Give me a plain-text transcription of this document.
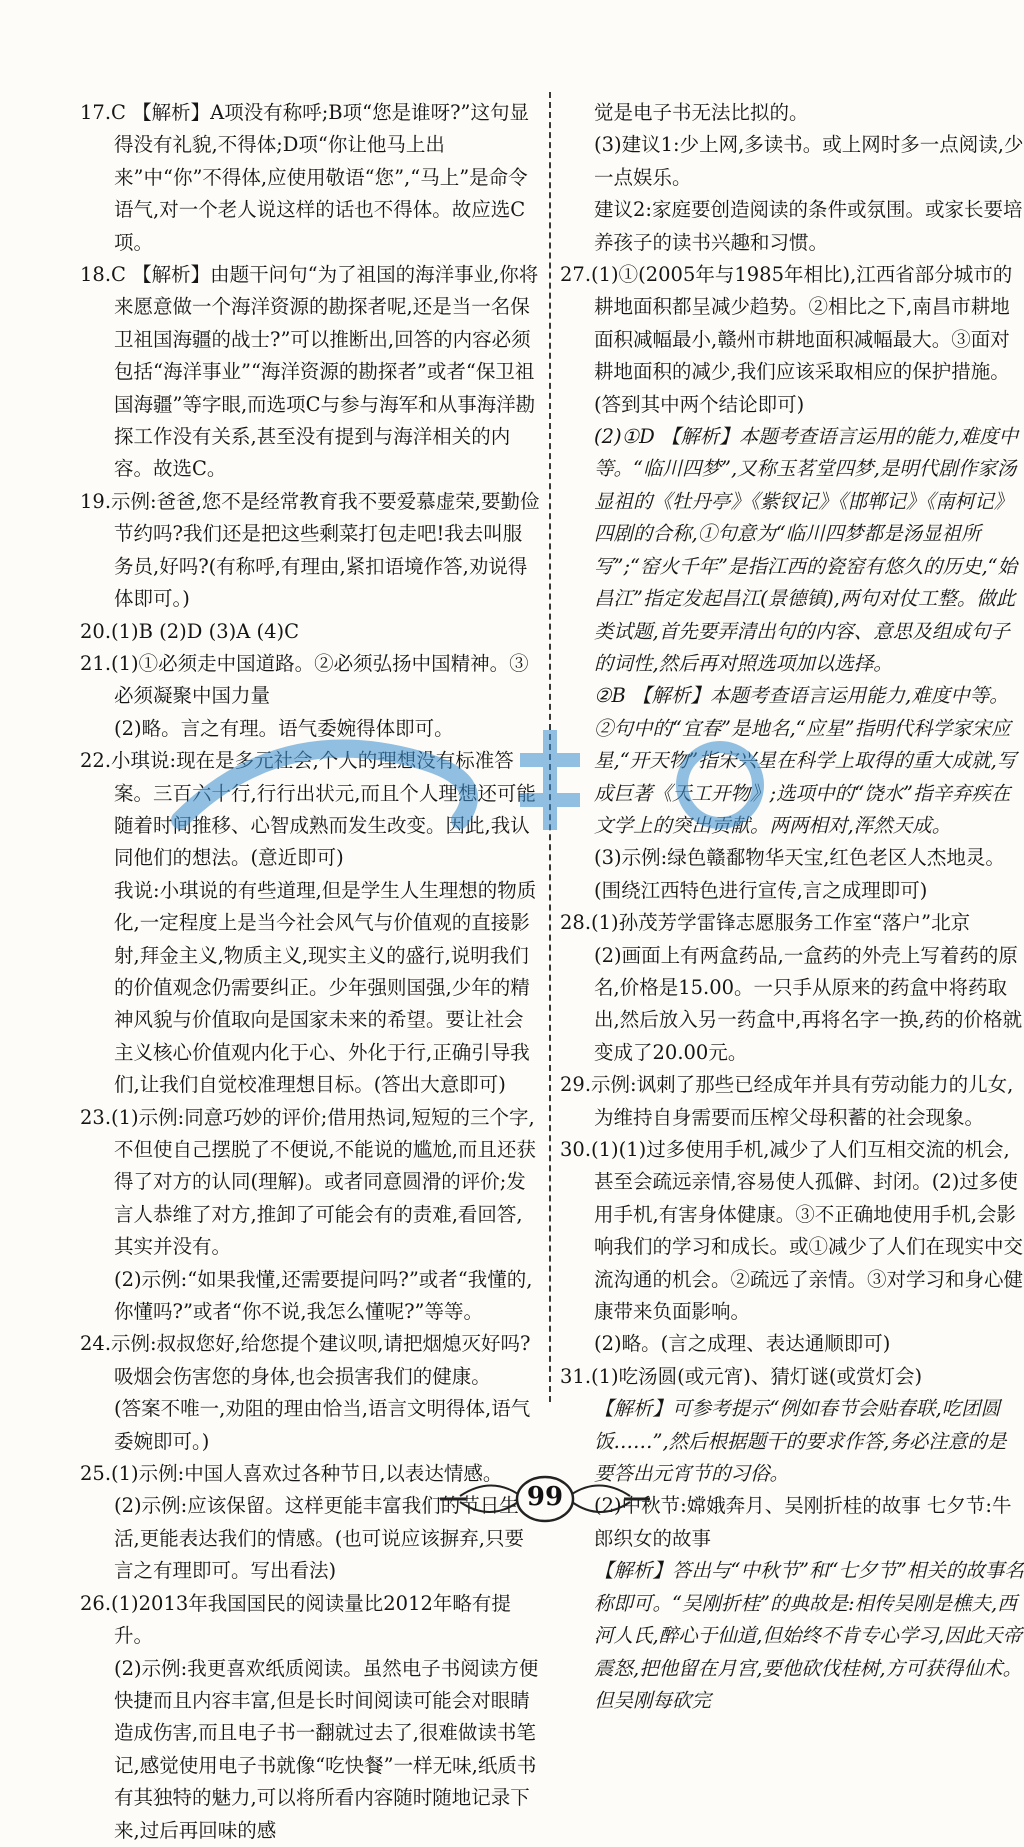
17.C 【解析】A项没有称呼;B项“您是谁呀?”这句显得没有礼貌,不得体;D项“你让他马上出来”中“你”不得体,应使用敬语“您”,“马上”是命令语气,对一个老人说这样的话也不得体。故应选C项。
18.C 【解析】由题干问句“为了祖国的海洋事业,你将来愿意做一个海洋资源的勘探者呢,还是当一名保卫祖国海疆的战士?”可以推断出,回答的内容必须包括“海洋事业”“海洋资源的勘探者”或者“保卫祖国海疆”等字眼,而选项C与参与海军和从事海洋勘探工作没有关系,甚至没有提到与海洋相关的内容。故选C。
19.示例:爸爸,您不是经常教育我不要爱慕虚荣,要勤俭节约吗?我们还是把这些剩菜打包走吧!我去叫服务员,好吗?(有称呼,有理由,紧扣语境作答,劝说得体即可。)
20.(1)B (2)D (3)A (4)C
21.(1)①必须走中国道路。②必须弘扬中国精神。③必须凝聚中国力量
(2)略。言之有理。语气委婉得体即可。
22.小琪说:现在是多元社会,个人的理想没有标准答案。三百六十行,行行出状元,而且个人理想还可能随着时间推移、心智成熟而发生改变。因此,我认同他们的想法。(意近即可)
我说:小琪说的有些道理,但是学生人生理想的物质化,一定程度上是当今社会风气与价值观的直接影射,拜金主义,物质主义,现实主义的盛行,说明我们的价值观念仍需要纠正。少年强则国强,少年的精神风貌与价值取向是国家未来的希望。要让社会主义核心价值观内化于心、外化于行,正确引导我们,让我们自觉校准理想目标。(答出大意即可)
23.(1)示例:同意巧妙的评价;借用热词,短短的三个字,不但使自己摆脱了不便说,不能说的尴尬,而且还获得了对方的认同(理解)。或者同意圆滑的评价;发言人恭维了对方,推卸了可能会有的责难,看回答,其实并没有。
(2)示例:“如果我懂,还需要提问吗?”或者“我懂的,你懂吗?”或者“你不说,我怎么懂呢?”等等。
24.示例:叔叔您好,给您提个建议呗,请把烟熄灭好吗?吸烟会伤害您的身体,也会损害我们的健康。
(答案不唯一,劝阻的理由恰当,语言文明得体,语气委婉即可。)
25.(1)示例:中国人喜欢过各种节日,以表达情感。
(2)示例:应该保留。这样更能丰富我们的节日生活,更能表达我们的情感。(也可说应该摒弃,只要言之有理即可。写出看法)
26.(1)2013年我国国民的阅读量比2012年略有提升。
(2)示例:我更喜欢纸质阅读。虽然电子书阅读方便快捷而且内容丰富,但是长时间阅读可能会对眼睛造成伤害,而且电子书一翻就过去了,很难做读书笔记,感觉使用电子书就像“吃快餐”一样无味,纸质书有其独特的魅力,可以将所看内容随时随地记录下来,过后再回味的感
觉是电子书无法比拟的。
(3)建议1:少上网,多读书。或上网时多一点阅读,少一点娱乐。
建议2:家庭要创造阅读的条件或氛围。或家长要培养孩子的读书兴趣和习惯。
27.(1)①(2005年与1985年相比),江西省部分城市的耕地面积都呈减少趋势。②相比之下,南昌市耕地面积减幅最小,赣州市耕地面积减幅最大。③面对耕地面积的减少,我们应该采取相应的保护措施。(答到其中两个结论即可)
(2)①D 【解析】本题考查语言运用的能力,难度中等。“临川四梦”,又称玉茗堂四梦,是明代剧作家汤显祖的《牡丹亭》《紫钗记》《邯郸记》《南柯记》四剧的合称,①句意为“临川四梦都是汤显祖所写”;“窑火千年”是指江西的瓷窑有悠久的历史,“始昌江”指定发起昌江(景德镇),两句对仗工整。做此类试题,首先要弄清出句的内容、意思及组成句子的词性,然后再对照选项加以选择。
②B 【解析】本题考查语言运用能力,难度中等。②句中的“宜春”是地名,“应星”指明代科学家宋应星,“开天物”指宋兴星在科学上取得的重大成就,写成巨著《天工开物》;选项中的“饶水”指辛弃疾在文学上的突出贡献。两两相对,浑然天成。
(3)示例:绿色赣鄱物华天宝,红色老区人杰地灵。(围绕江西特色进行宣传,言之成理即可)
28.(1)孙茂芳学雷锋志愿服务工作室“落户”北京
(2)画面上有两盒药品,一盒药的外壳上写着药的原名,价格是15.00。一只手从原来的药盒中将药取出,然后放入另一药盒中,再将名字一换,药的价格就变成了20.00元。
29.示例:讽刺了那些已经成年并具有劳动能力的儿女,为维持自身需要而压榨父母积蓄的社会现象。
30.(1)(1)过多使用手机,减少了人们互相交流的机会,甚至会疏远亲情,容易使人孤僻、封闭。(2)过多使用手机,有害身体健康。③不正确地使用手机,会影响我们的学习和成长。或①减少了人们在现实中交流沟通的机会。②疏远了亲情。③对学习和身心健康带来负面影响。
(2)略。(言之成理、表达通顺即可)
31.(1)吃汤圆(或元宵)、猜灯谜(或赏灯会)
【解析】可参考提示“例如春节会贴春联,吃团圆饭……”,然后根据题干的要求作答,务必注意的是要答出元宵节的习俗。
(2)中秋节:嫦娥奔月、吴刚折桂的故事 七夕节:牛郎织女的故事
【解析】答出与“中秋节”和“七夕节”相关的故事名称即可。“吴刚折桂”的典故是:相传吴刚是樵夫,西河人氏,醉心于仙道,但始终不肯专心学习,因此天帝震怒,把他留在月宫,要他砍伐桂树,方可获得仙术。但吴刚每砍完
99
